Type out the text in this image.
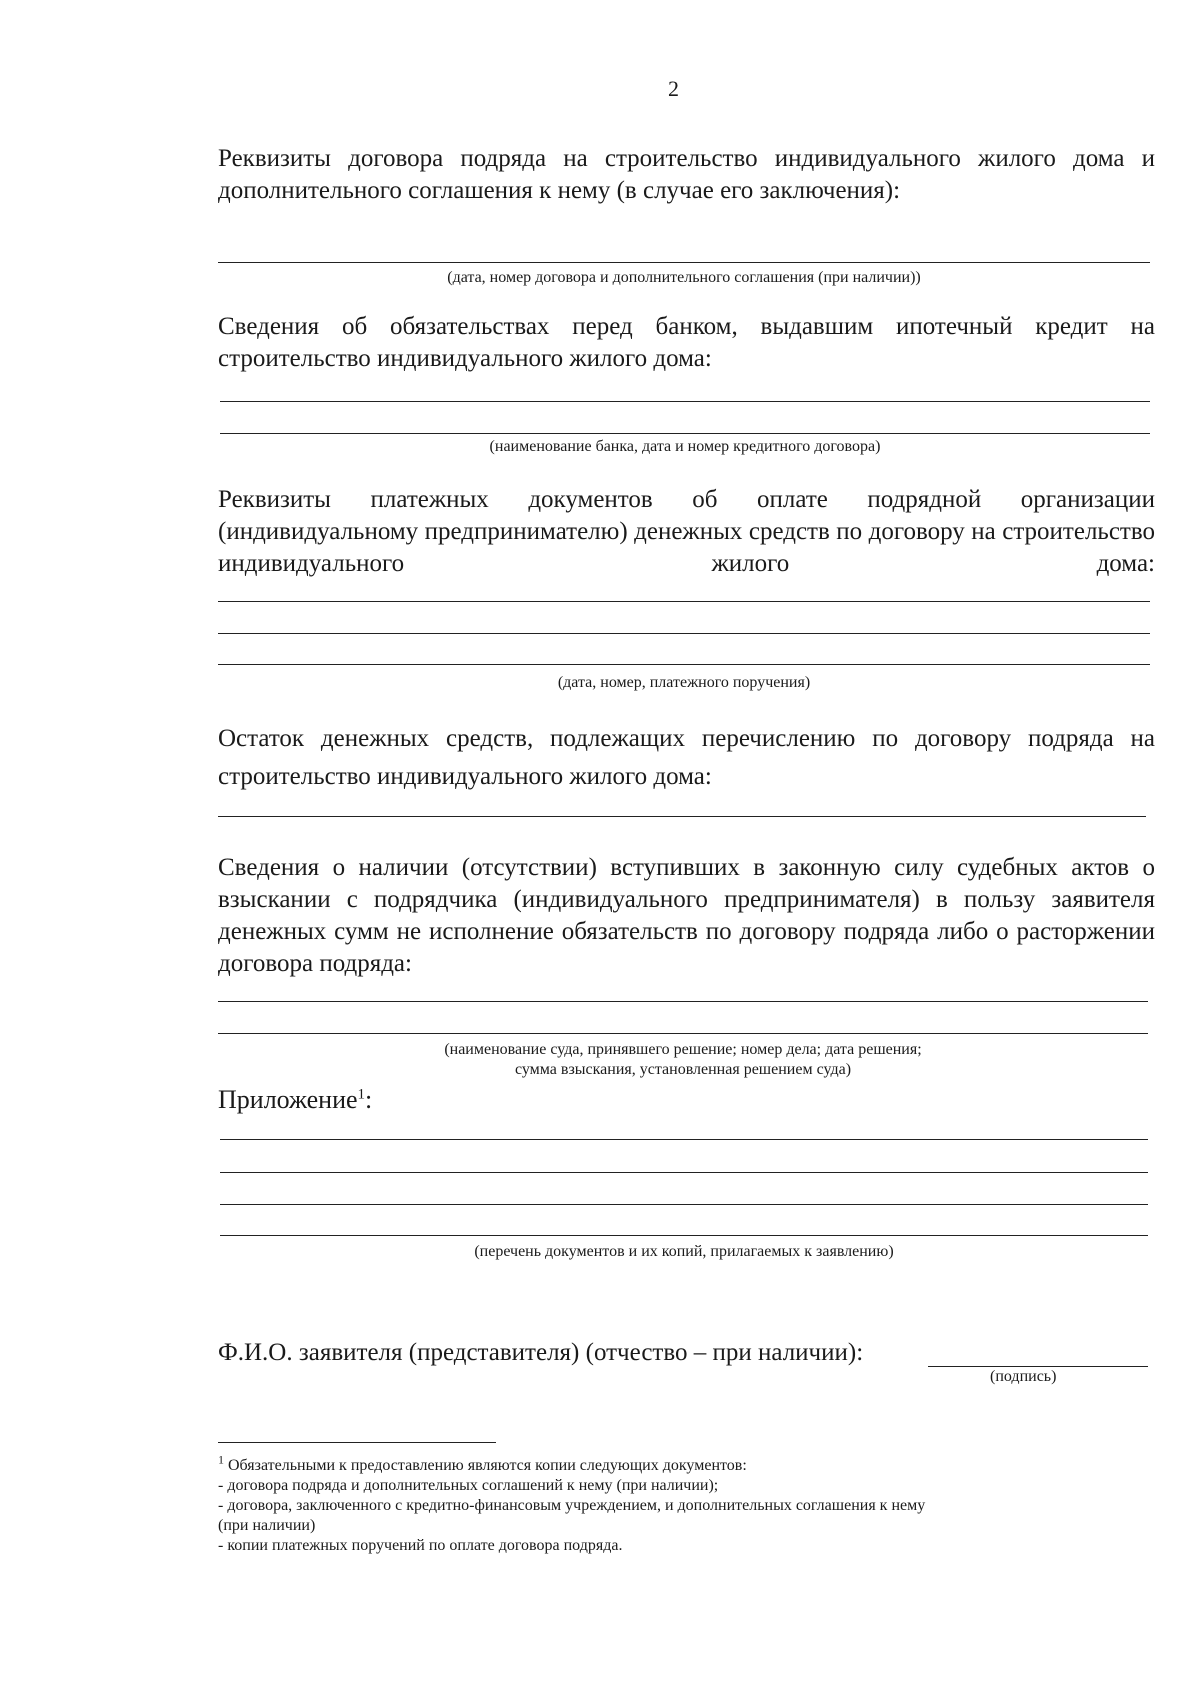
2
Реквизиты договора подряда на строительство индивидуального жилого дома и дополнительного соглашения к нему (в случае его заключения):
(дата, номер договора и дополнительного соглашения (при наличии))
Сведения об обязательствах перед банком, выдавшим ипотечный кредит на строительство индивидуального жилого дома:
(наименование банка, дата и номер кредитного договора)
Реквизиты платежных документов об оплате подрядной организации (индивидуальному предпринимателю) денежных средств по договору на строительство индивидуального жилого дома:
(дата, номер, платежного поручения)
Остаток денежных средств, подлежащих перечислению по договору подряда на строительство индивидуального жилого дома:
Сведения о наличии (отсутствии) вступивших в законную силу судебных актов о взыскании с подрядчика (индивидуального предпринимателя) в пользу заявителя денежных сумм не исполнение обязательств по договору подряда либо о расторжении договора подряда:
(наименование суда, принявшего решение; номер дела; дата решения;
сумма взыскания, установленная решением суда)
Приложение$^1$:
(перечень документов и их копий, прилагаемых к заявлению)
Ф.И.О. заявителя (представителя) (отчество – при наличии):
(подпись)
$^1$ Обязательными к предоставлению являются копии следующих документов:
- договора подряда и дополнительных соглашений к нему (при наличии);
- договора, заключенного с кредитно-финансовым учреждением, и дополнительных соглашения к нему
(при наличии)
- копии платежных поручений по оплате договора подряда.
